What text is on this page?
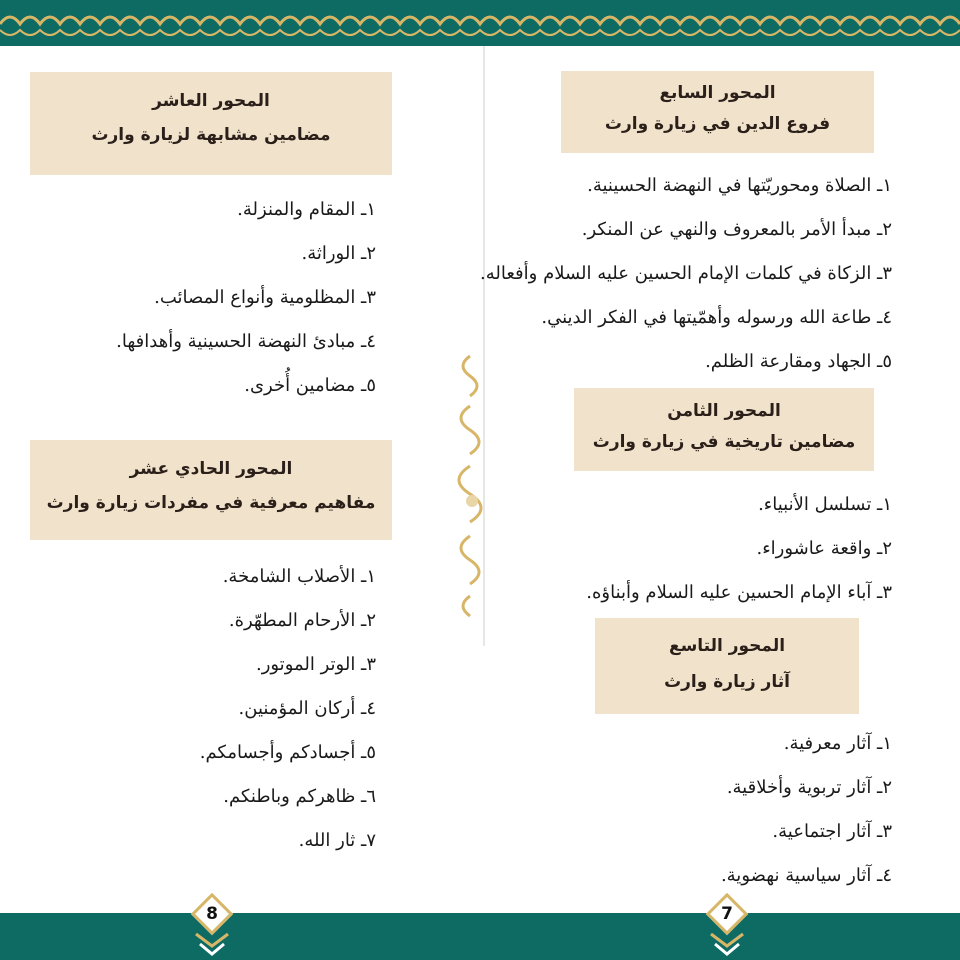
المحور العاشر
مضامين مشابهة لزيارة وارث
١ـ المقام والمنزلة.
٢ـ الوراثة.
٣ـ المظلومية وأنواع المصائب.
٤ـ مبادئ النهضة الحسينية وأهدافها.
٥ـ مضامين أُخرى.
المحور الحادي عشر
مفاهيم معرفية في مفردات زيارة وارث
١ـ الأصلاب الشامخة.
٢ـ الأرحام المطهّرة.
٣ـ الوتر الموتور.
٤ـ أركان المؤمنين.
٥ـ أجسادكم وأجسامكم.
٦ـ ظاهركم وباطنكم.
٧ـ ثار الله.
المحور السابع
فروع الدين في زيارة وارث
١ـ الصلاة ومحوريّتها في النهضة الحسينية.
٢ـ مبدأ الأمر بالمعروف والنهي عن المنكر.
٣ـ الزكاة في كلمات الإمام الحسين عليه السلام وأفعاله.
٤ـ طاعة الله ورسوله وأهمّيتها في الفكر الديني.
٥ـ الجهاد ومقارعة الظلم.
المحور الثامن
مضامين تاريخية في زيارة وارث
١ـ تسلسل الأنبياء.
٢ـ واقعة عاشوراء.
٣ـ آباء الإمام الحسين عليه السلام وأبناؤه.
المحور التاسع
آثار زيارة وارث
١ـ آثار معرفية.
٢ـ آثار تربوية وأخلاقية.
٣ـ آثار اجتماعية.
٤ـ آثار سياسية نهضوية.
8	7
